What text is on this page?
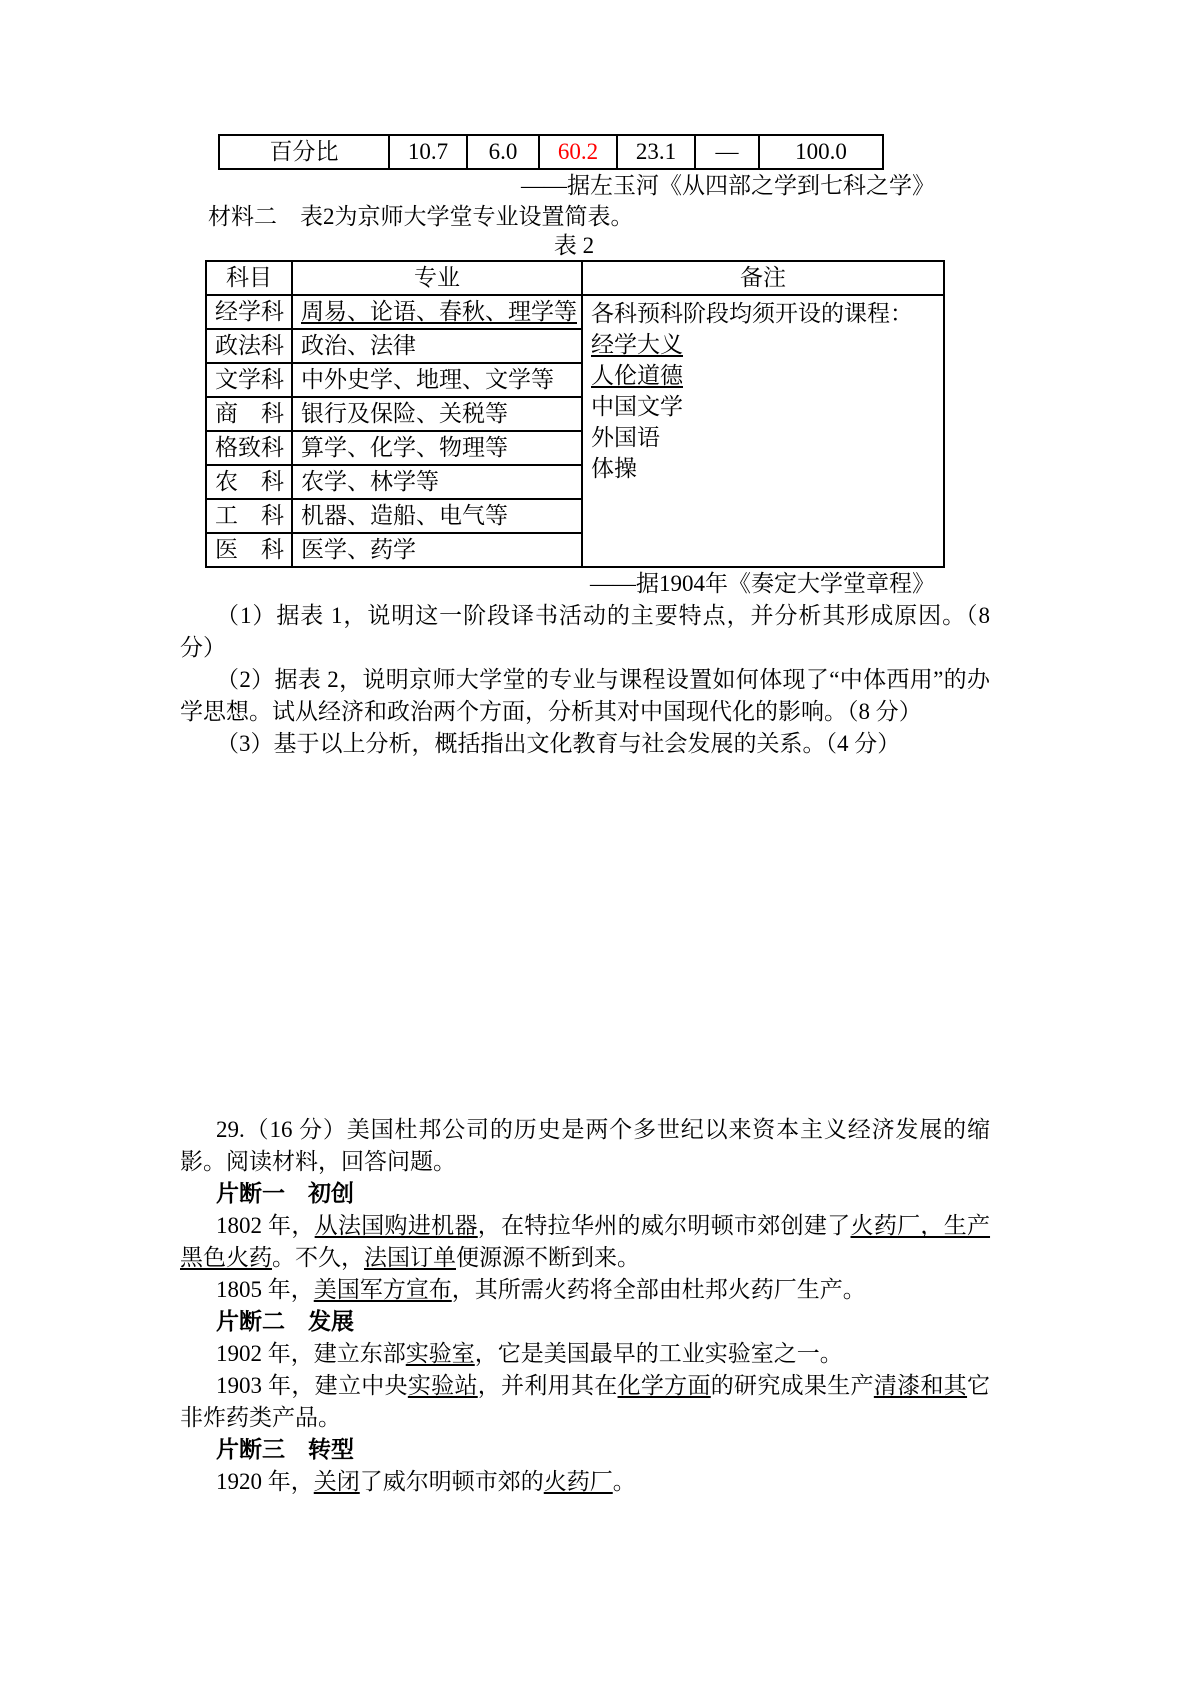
百分比	10.7	6.0	60.2	23.1	—	100.0

——据左玉河《从四部之学到七科之学》

材料二　表2为京师大学堂专业设置简表。

表 2

科目	专业	备注
经学科	周易、论语、春秋、理学等	各科预科阶段均须开设的课程：
经学大义
人伦道德
中国文学
外国语
体操

政法科	政治、法律	
文学科	中外史学、地理、文学等	
商　科	银行及保险、关税等	
格致科	算学、化学、物理等	
农　科	农学、林学等	
工　科	机器、造船、电气等	
医　科	医学、药学	

——据1904年《奏定大学堂章程》

（1）据表 1，说明这一阶段译书活动的主要特点，并分析其形成原因。（8分）

（2）据表 2，说明京师大学堂的专业与课程设置如何体现了“中体西用”的办学思想。试从经济和政治两个方面，分析其对中国现代化的影响。（8 分）

（3）基于以上分析，概括指出文化教育与社会发展的关系。（4 分）

29.（16 分）美国杜邦公司的历史是两个多世纪以来资本主义经济发展的缩影。阅读材料，回答问题。

片断一　初创

1802 年，从法国购进机器，在特拉华州的威尔明顿市郊创建了火药厂，生产黑色火药。不久，法国订单便源源不断到来。

1805 年，美国军方宣布，其所需火药将全部由杜邦火药厂生产。

片断二　发展

1902 年，建立东部实验室，它是美国最早的工业实验室之一。

1903 年，建立中央实验站，并利用其在化学方面的研究成果生产清漆和其它非炸药类产品。

片断三　转型

1920 年，关闭了威尔明顿市郊的火药厂。
